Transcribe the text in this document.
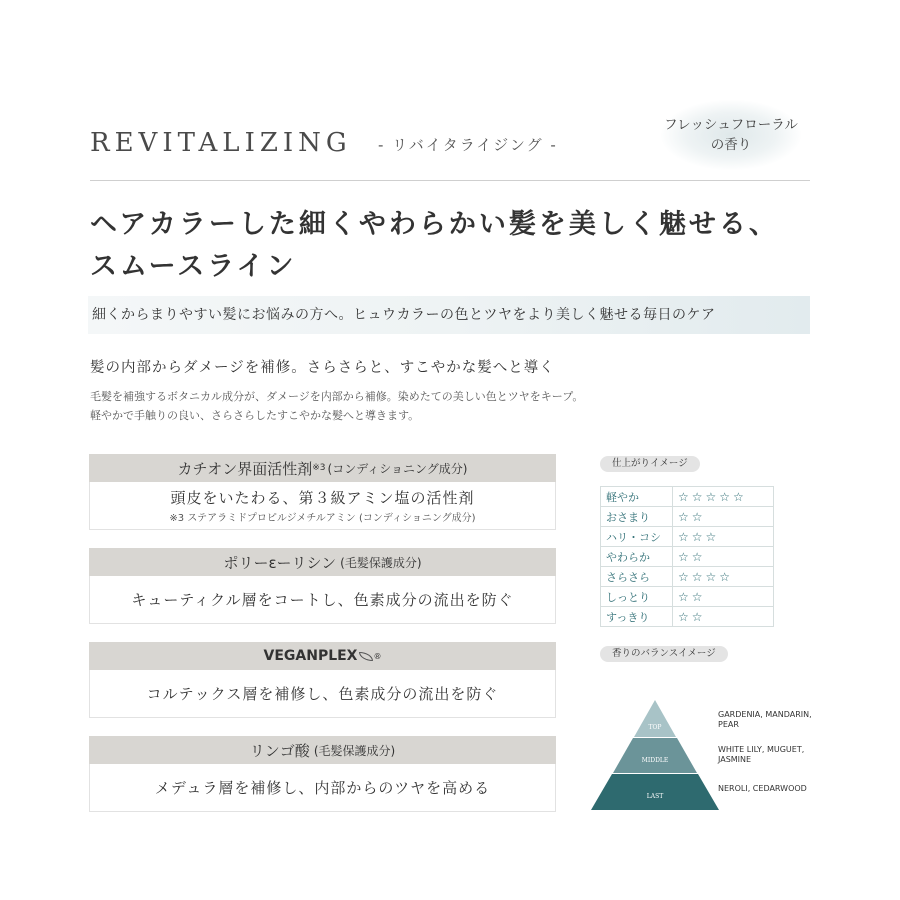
REVITALIZING - リバイタライジング -
フレッシュフローラル
の香り
ヘアカラーした細くやわらかい髪を美しく魅せる、
スムースライン
細くからまりやすい髪にお悩みの方へ。ヒュウカラーの色とツヤをより美しく魅せる毎日のケア
髪の内部からダメージを補修。さらさらと、すこやかな髪へと導く
毛髪を補強するボタニカル成分が、ダメージを内部から補修。染めたての美しい色とツヤをキープ。
軽やかで手触りの良い、さらさらしたすこやかな髪へと導きます。
カチオン界面活性剤 ※3 (コンディショニング成分)
頭皮をいたわる、第３級アミン塩の活性剤
※3 ステアラミドプロピルジメチルアミン (コンディショニング成分)
ポリーεーリシン (毛髪保護成分)
キューティクル層をコートし、色素成分の流出を防ぐ
VEGANPLEX ®
コルテックス層を補修し、色素成分の流出を防ぐ
リンゴ酸 (毛髪保護成分)
メデュラ層を補修し、内部からのツヤを高める
仕上がりイメージ
軽やか	☆☆☆☆☆
おさまり	☆☆
ハリ・コシ	☆☆☆
やわらか	☆☆
さらさら	☆☆☆☆
しっとり	☆☆
すっきり	☆☆
香りのバランスイメージ
TOP
MIDDLE
LAST
GARDENIA, MANDARIN,
PEAR
WHITE LILY, MUGUET,
JASMINE
NEROLI, CEDARWOOD
